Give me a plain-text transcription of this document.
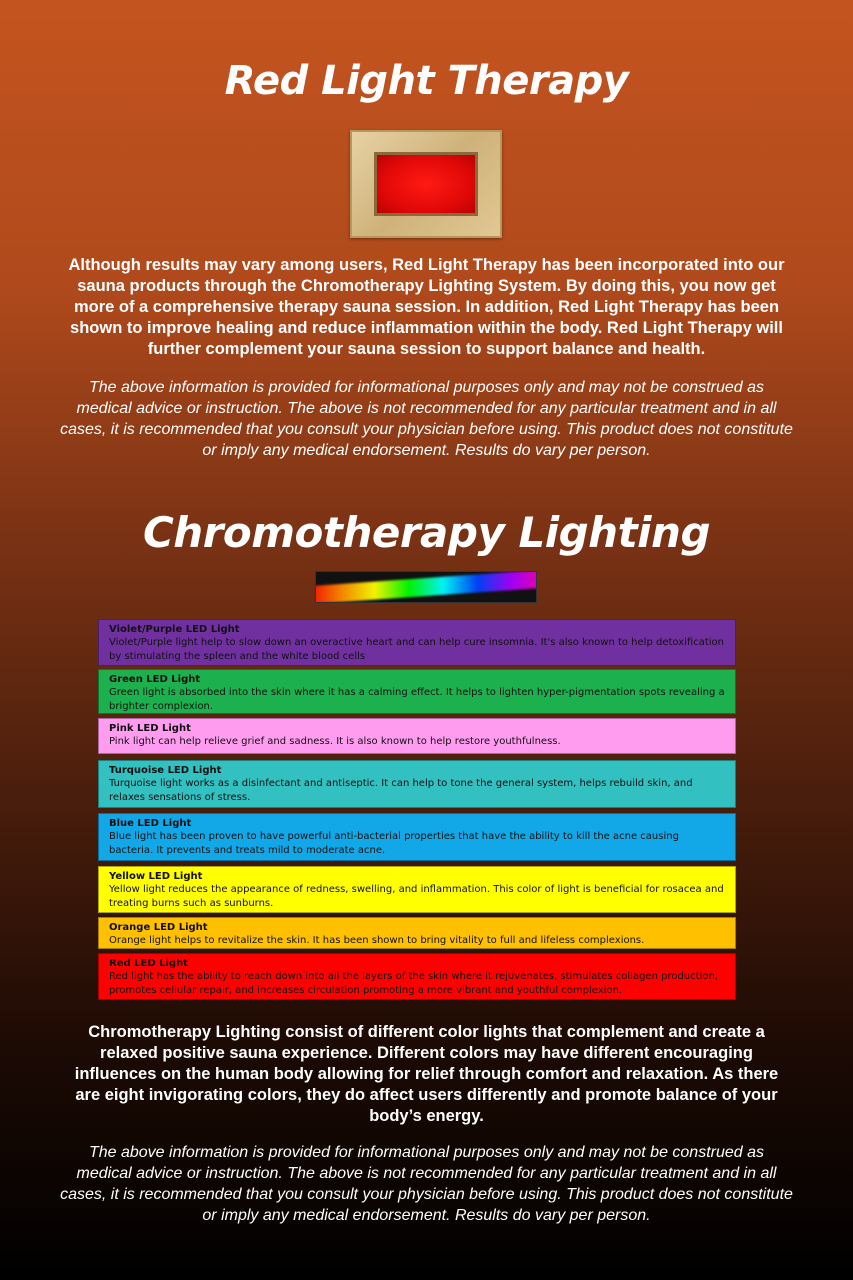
Red Light Therapy
Although results may vary among users, Red Light Therapy has been incorporated into our sauna products through the Chromotherapy Lighting System. By doing this, you now get more of a comprehensive therapy sauna session. In addition, Red Light Therapy has been shown to improve healing and reduce inflammation within the body. Red Light Therapy will further complement your sauna session to support balance and health.
The above information is provided for informational purposes only and may not be construed as medical advice or instruction. The above is not recommended for any particular treatment and in all cases, it is recommended that you consult your physician before using. This product does not constitute or imply any medical endorsement. Results do vary per person.
Chromotherapy Lighting
Violet/Purple LED Light
Violet/Purple light help to slow down an overactive heart and can help cure insomnia. It's also known to help detoxification by stimulating the spleen and the white blood cells
Green LED Light
Green light is absorbed into the skin where it has a calming effect. It helps to lighten hyper-pigmentation spots revealing a brighter complexion.
Pink LED Light
Pink light can help relieve grief and sadness. It is also known to help restore youthfulness.
Turquoise LED Light
Turquoise light works as a disinfectant and antiseptic. It can help to tone the general system, helps rebuild skin, and relaxes sensations of stress.
Blue LED Light
Blue light has been proven to have powerful anti-bacterial properties that have the ability to kill the acne causing bacteria. It prevents and treats mild to moderate acne.
Yellow LED Light
Yellow light reduces the appearance of redness, swelling, and inflammation. This color of light is beneficial for rosacea and treating burns such as sunburns.
Orange LED Light
Orange light helps to revitalize the skin. It has been shown to bring vitality to full and lifeless complexions.
Red LED Light
Red light has the ability to reach down into all the layers of the skin where it rejuvenates, stimulates collagen production, promotes cellular repair, and increases circulation promoting a more vibrant and youthful complexion.
Chromotherapy Lighting consist of different color lights that complement and create a relaxed positive sauna experience. Different colors may have different encouraging influences on the human body allowing for relief through comfort and relaxation. As there are eight invigorating colors, they do affect users differently and promote balance of your body’s energy.
The above information is provided for informational purposes only and may not be construed as medical advice or instruction. The above is not recommended for any particular treatment and in all cases, it is recommended that you consult your physician before using. This product does not constitute or imply any medical endorsement. Results do vary per person.
